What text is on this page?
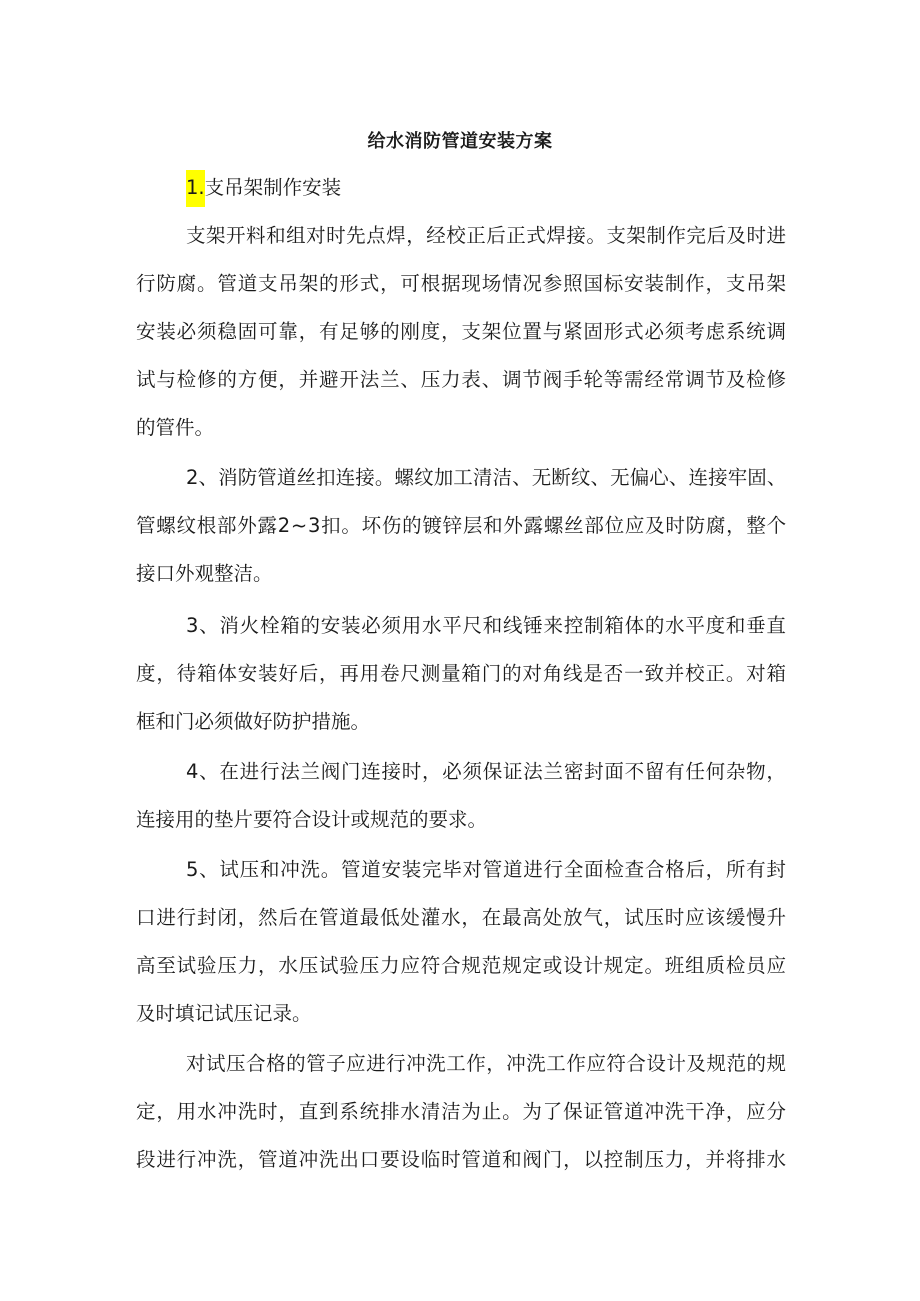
给水消防管道安装方案
1.支吊架制作安装
支架开料和组对时先点焊，经校正后正式焊接。支架制作完后及时进
行防腐。管道支吊架的形式，可根据现场情况参照国标安装制作，支吊架
安装必须稳固可靠，有足够的刚度，支架位置与紧固形式必须考虑系统调
试与检修的方便，并避开法兰、压力表、调节阀手轮等需经常调节及检修
的管件。
2、消防管道丝扣连接。螺纹加工清洁、无断纹、无偏心、连接牢固、
管螺纹根部外露2~3扣。坏伤的镀锌层和外露螺丝部位应及时防腐，整个
接口外观整洁。
3、消火栓箱的安装必须用水平尺和线锤来控制箱体的水平度和垂直
度，待箱体安装好后，再用卷尺测量箱门的对角线是否一致并校正。对箱
框和门必须做好防护措施。
4、在进行法兰阀门连接时，必须保证法兰密封面不留有任何杂物，
连接用的垫片要符合设计或规范的要求。
5、试压和冲洗。管道安装完毕对管道进行全面检查合格后，所有封
口进行封闭，然后在管道最低处灌水，在最高处放气，试压时应该缓慢升
高至试验压力，水压试验压力应符合规范规定或设计规定。班组质检员应
及时填记试压记录。
对试压合格的管子应进行冲洗工作，冲洗工作应符合设计及规范的规
定，用水冲洗时，直到系统排水清洁为止。为了保证管道冲洗干净，应分
段进行冲洗，管道冲洗出口要设临时管道和阀门，以控制压力，并将排水
